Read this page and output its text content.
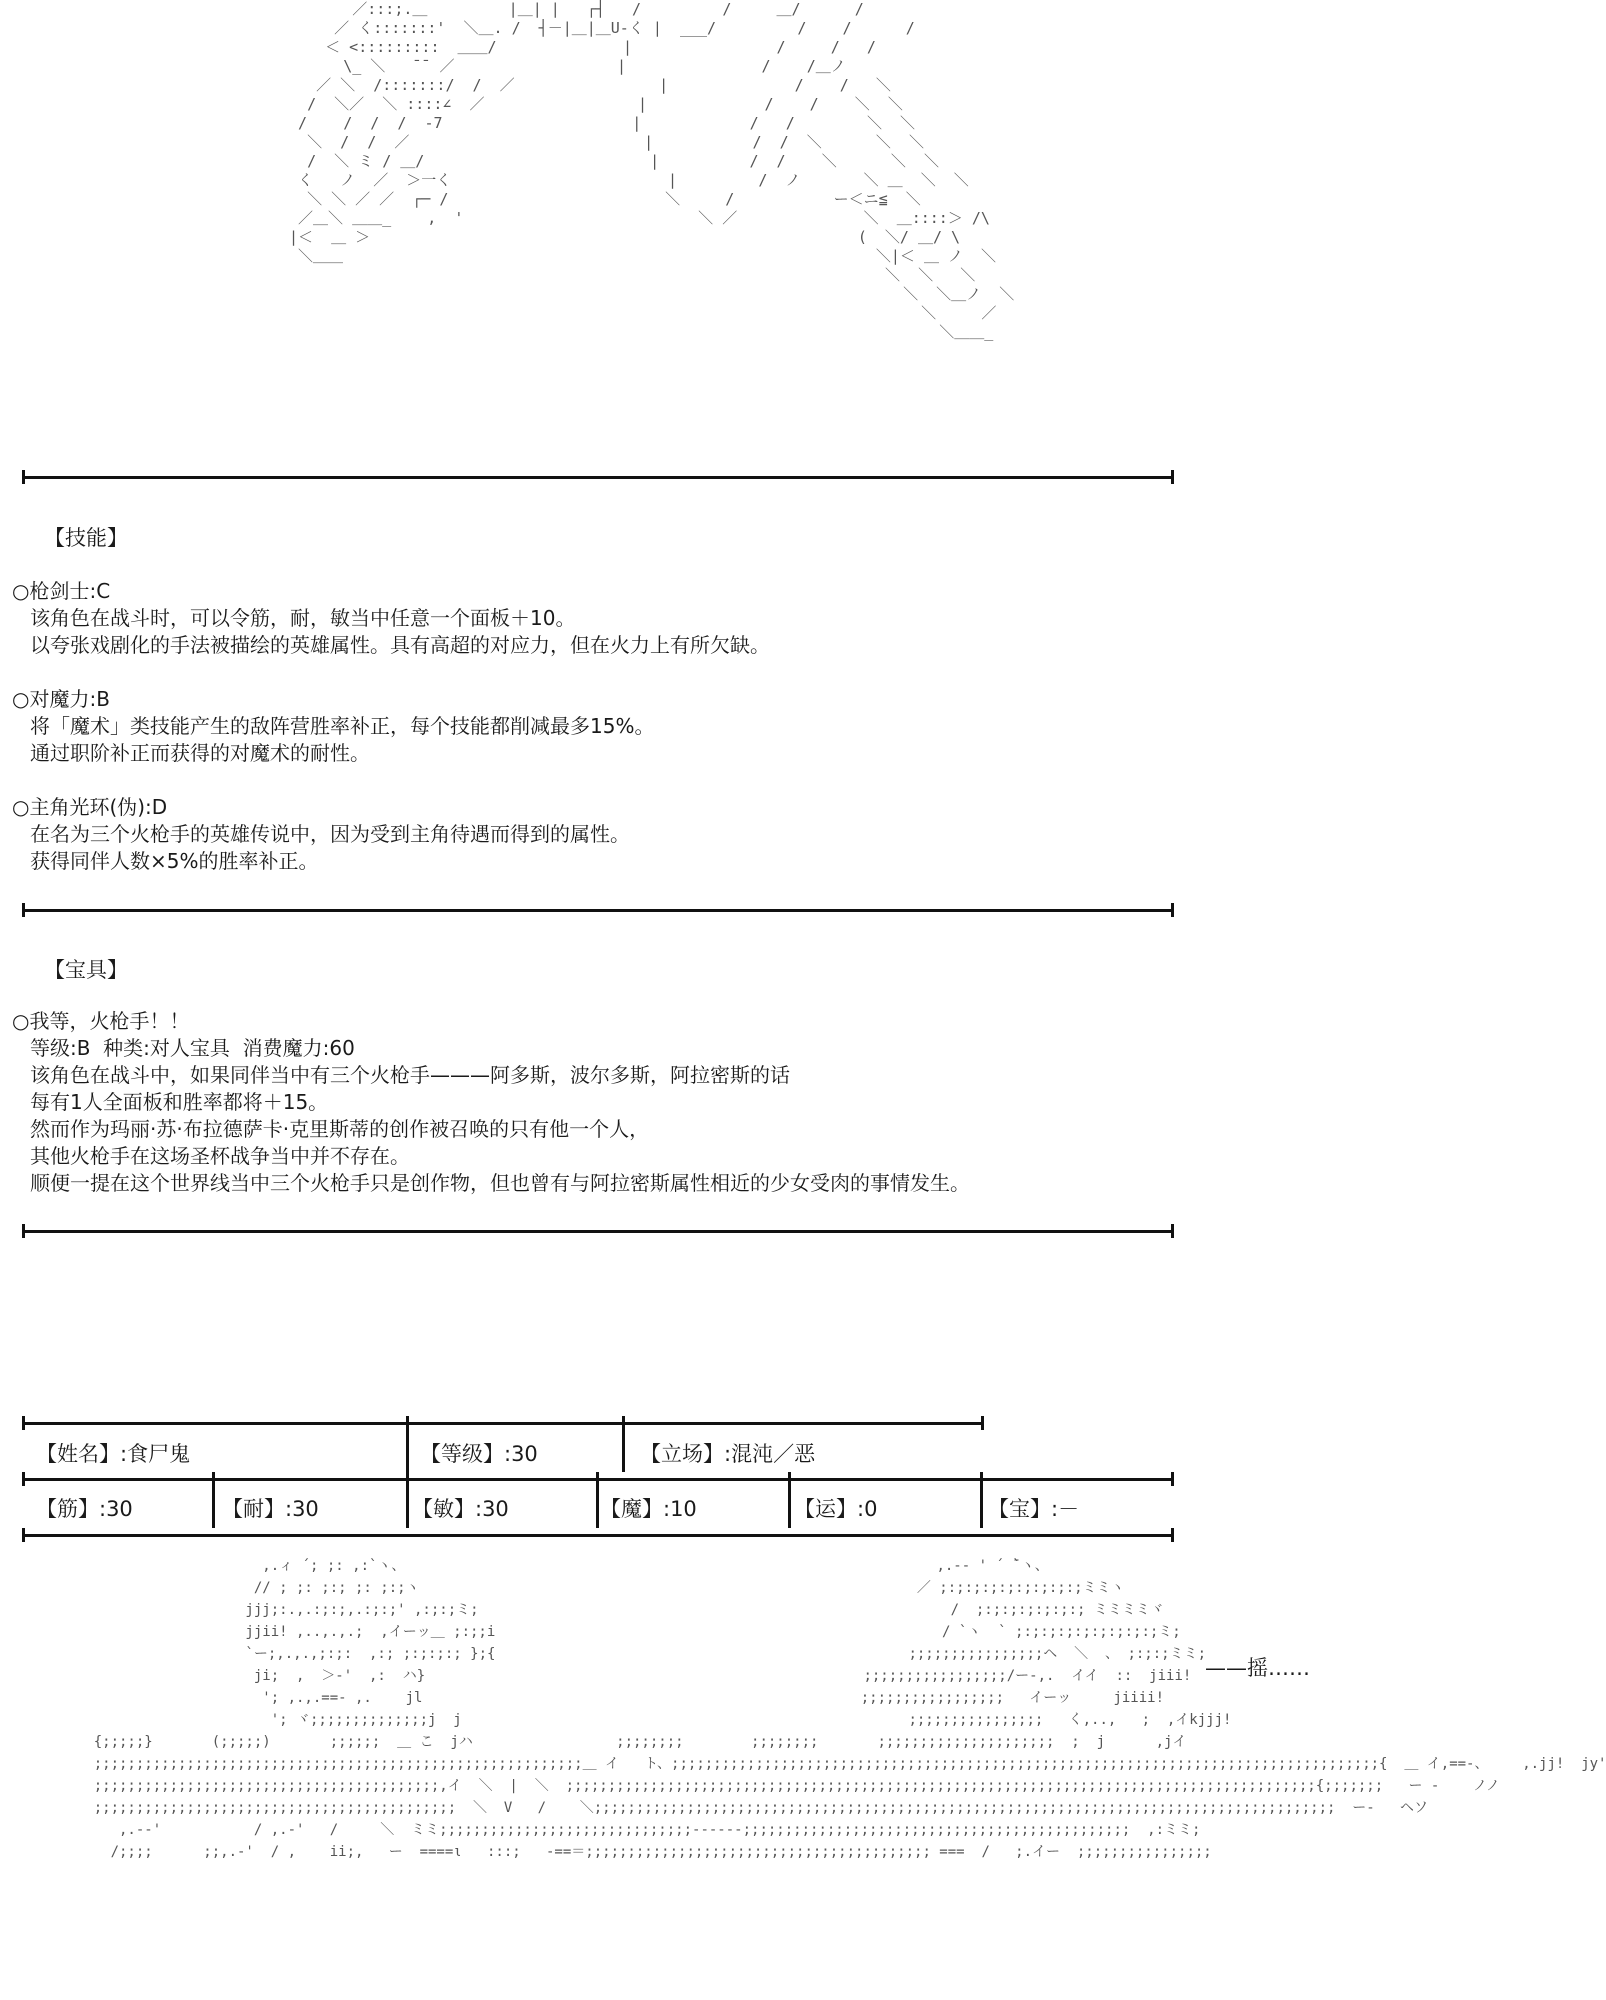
／:::;.＿         |＿| |   ┌┤   /         /     ＿/      /
／ く:::::::'  ＼＿. /  ┤－|＿|＿U-く |  ___/         /    /      /
＜ <:::::::::  ＿＿/              |                /     /   /
\_ ＼   ̄ ̄  ／                  |               /    /＿ノ
／ ＼  /:::::::/  /  ／                |              /    /   ＼
/  ＼／  ＼ ::::∠  ／                 |             /    /    ＼  ＼
/    /  /  /  -7                     |            /   /        ＼  ＼
＼  /  /  ／                          |           /  /  ＼      ＼  ＼
/  ＼ ミ / ＿/                         |          /  /    ＼      ＼  ＼
く   ノ  ／  ＞一く                        |         /  ノ       ＼ ＿  ＼  ＼
＼ ＼ ／ ／  ┌─ /                        ＼     /           ー＜ニ≦  ＼
／＿＼ ＿＿_    ,  '                          ＼ ／              ＼  ＿::::＞ /\
|＜  ＿ ＞                                                      (  ＼/ ＿/ \
＼＿＿                                                           ＼|＜ ＿ ノ  ＼
＼  ＼   ＼
＼  ＼＿ノ  ＼
＼     ／
＼＿＿_
【技能】
○枪剑士:C
该角色在战斗时，可以令筋，耐，敏当中任意一个面板＋10。
以夸张戏剧化的手法被描绘的英雄属性。具有高超的对应力，但在火力上有所欠缺。
○对魔力:B
将「魔术」类技能产生的敌阵营胜率补正，每个技能都削减最多15%。
通过职阶补正而获得的对魔术的耐性。
○主角光环(伪):D
在名为三个火枪手的英雄传说中，因为受到主角待遇而得到的属性。
获得同伴人数×5%的胜率补正。
【宝具】
○我等，火枪手！！
等级:B  种类:对人宝具  消费魔力:60
该角色在战斗中，如果同伴当中有三个火枪手———阿多斯，波尔多斯，阿拉密斯的话
每有1人全面板和胜率都将＋15。
然而作为玛丽·苏·布拉德萨卡·克里斯蒂的创作被召唤的只有他一个人，
其他火枪手在这场圣杯战争当中并不存在。
顺便一提在这个世界线当中三个火枪手只是创作物，但也曾有与阿拉密斯属性相近的少女受肉的事情发生。
【姓名】:食尸鬼	【等级】:30	【立场】:混沌／恶
【筋】:30	【耐】:30	【敏】:30	【魔】:10	【运】:0	【宝】:－
——摇……
,.ィ ´; ;: ,:`ヽ、                                                               ,.-‐ ' ´ ̄`ヽ、
// ; ;: ;:; ;: ;:;ヽ                                                           ／ ;:;:;:;:;:;:;:;:;ミミヽ
jjj;:.,.:;:;,.:;:;' ,:;:;ミ;                                                        /  ;:;:;:;:;:;:; ミミミミヾ
jjii! ,..,.,.;  ,イーッ＿ ;:;;i                                                     / `ヽ  ` ;:;:;:;:;:;:;:;:;ミ;
`ー;,.,.,;:;:  ,:; ;:;:;:; };{                                                 ;;;;;;;;;;;;;;;;ヘ  ＼  、 ;:;:;ミミ;
ji;  ,  ＞-'  ,:  ハ}                                                    ;;;;;;;;;;;;;;;;;/ー-,.  イイ  ::  jiii!
'; ,.,.==- ,.    jl                                                    ;;;;;;;;;;;;;;;;;   イーッ     jiiii!
'; ヾ;;;;;;;;;;;;;;j  j                                                     ;;;;;;;;;;;;;;;;   く,..,   ;  ,イkjjj!
{;;;;;}       (;;;;;)       ;;;;;;  ＿ こ  jハ                 ;;;;;;;;        ;;;;;;;;       ;;;;;;;;;;;;;;;;;;;;;  ;  j      ,jイ
;;;;;;;;;;;;;;;;;;;;;;;;;;;;;;;;;;;;;;;;;;;;;;;;;;;;;;;;;;＿ イ   ト、;;;;;;;;;;;;;;;;;;;;;;;;;;;;;;;;;;;;;;;;;;;;;;;;;;;;;;;;;;;;;;;;;;;;;;;;;;;;;;;;;;;;{  ＿ イ,==-、    ,.jj!  jy'
;;;;;;;;;;;;;;;;;;;;;;;;;;;;;;;;;;;;;;;;;,イ  ＼  |  ＼  ;;;;;;;;;;;;;;;;;;;;;;;;;;;;;;;;;;;;;;;;;;;;;;;;;;;;;;;;;;;;;;;;;;;;;;;;;;;;;;;;;;;;;;;;;{;;;;;;;   ー -    ノノ
;;;;;;;;;;;;;;;;;;;;;;;;;;;;;;;;;;;;;;;;;;;  ＼  V   /    ＼;;;;;;;;;;;;;;;;;;;;;;;;;;;;;;;;;;;;;;;;;;;;;;;;;;;;;;;;;;;;;;;;;;;;;;;;;;;;;;;;;;;;;;;;  ー-   ヘソ
,.--'           / ,.-'   /     ＼  ミミ;;;;;;;;;;;;;;;;;;;;;;;;;;;;;;-‐----;;;;;;;;;;;;;;;;;;;;;;;;;;;;;;;;;;;;;;;;;;;;;;  ,:ミミ;
/;;;;      ;;,.-'  / ,    ii;,   ー  ====ι   :::;   ‐==＝;;;;;;;;;;;;;;;;;;;;;;;;;;;;;;;;;;;;;;;;; ===  /   ;.イー  ;;;;;;;;;;;;;;;;
